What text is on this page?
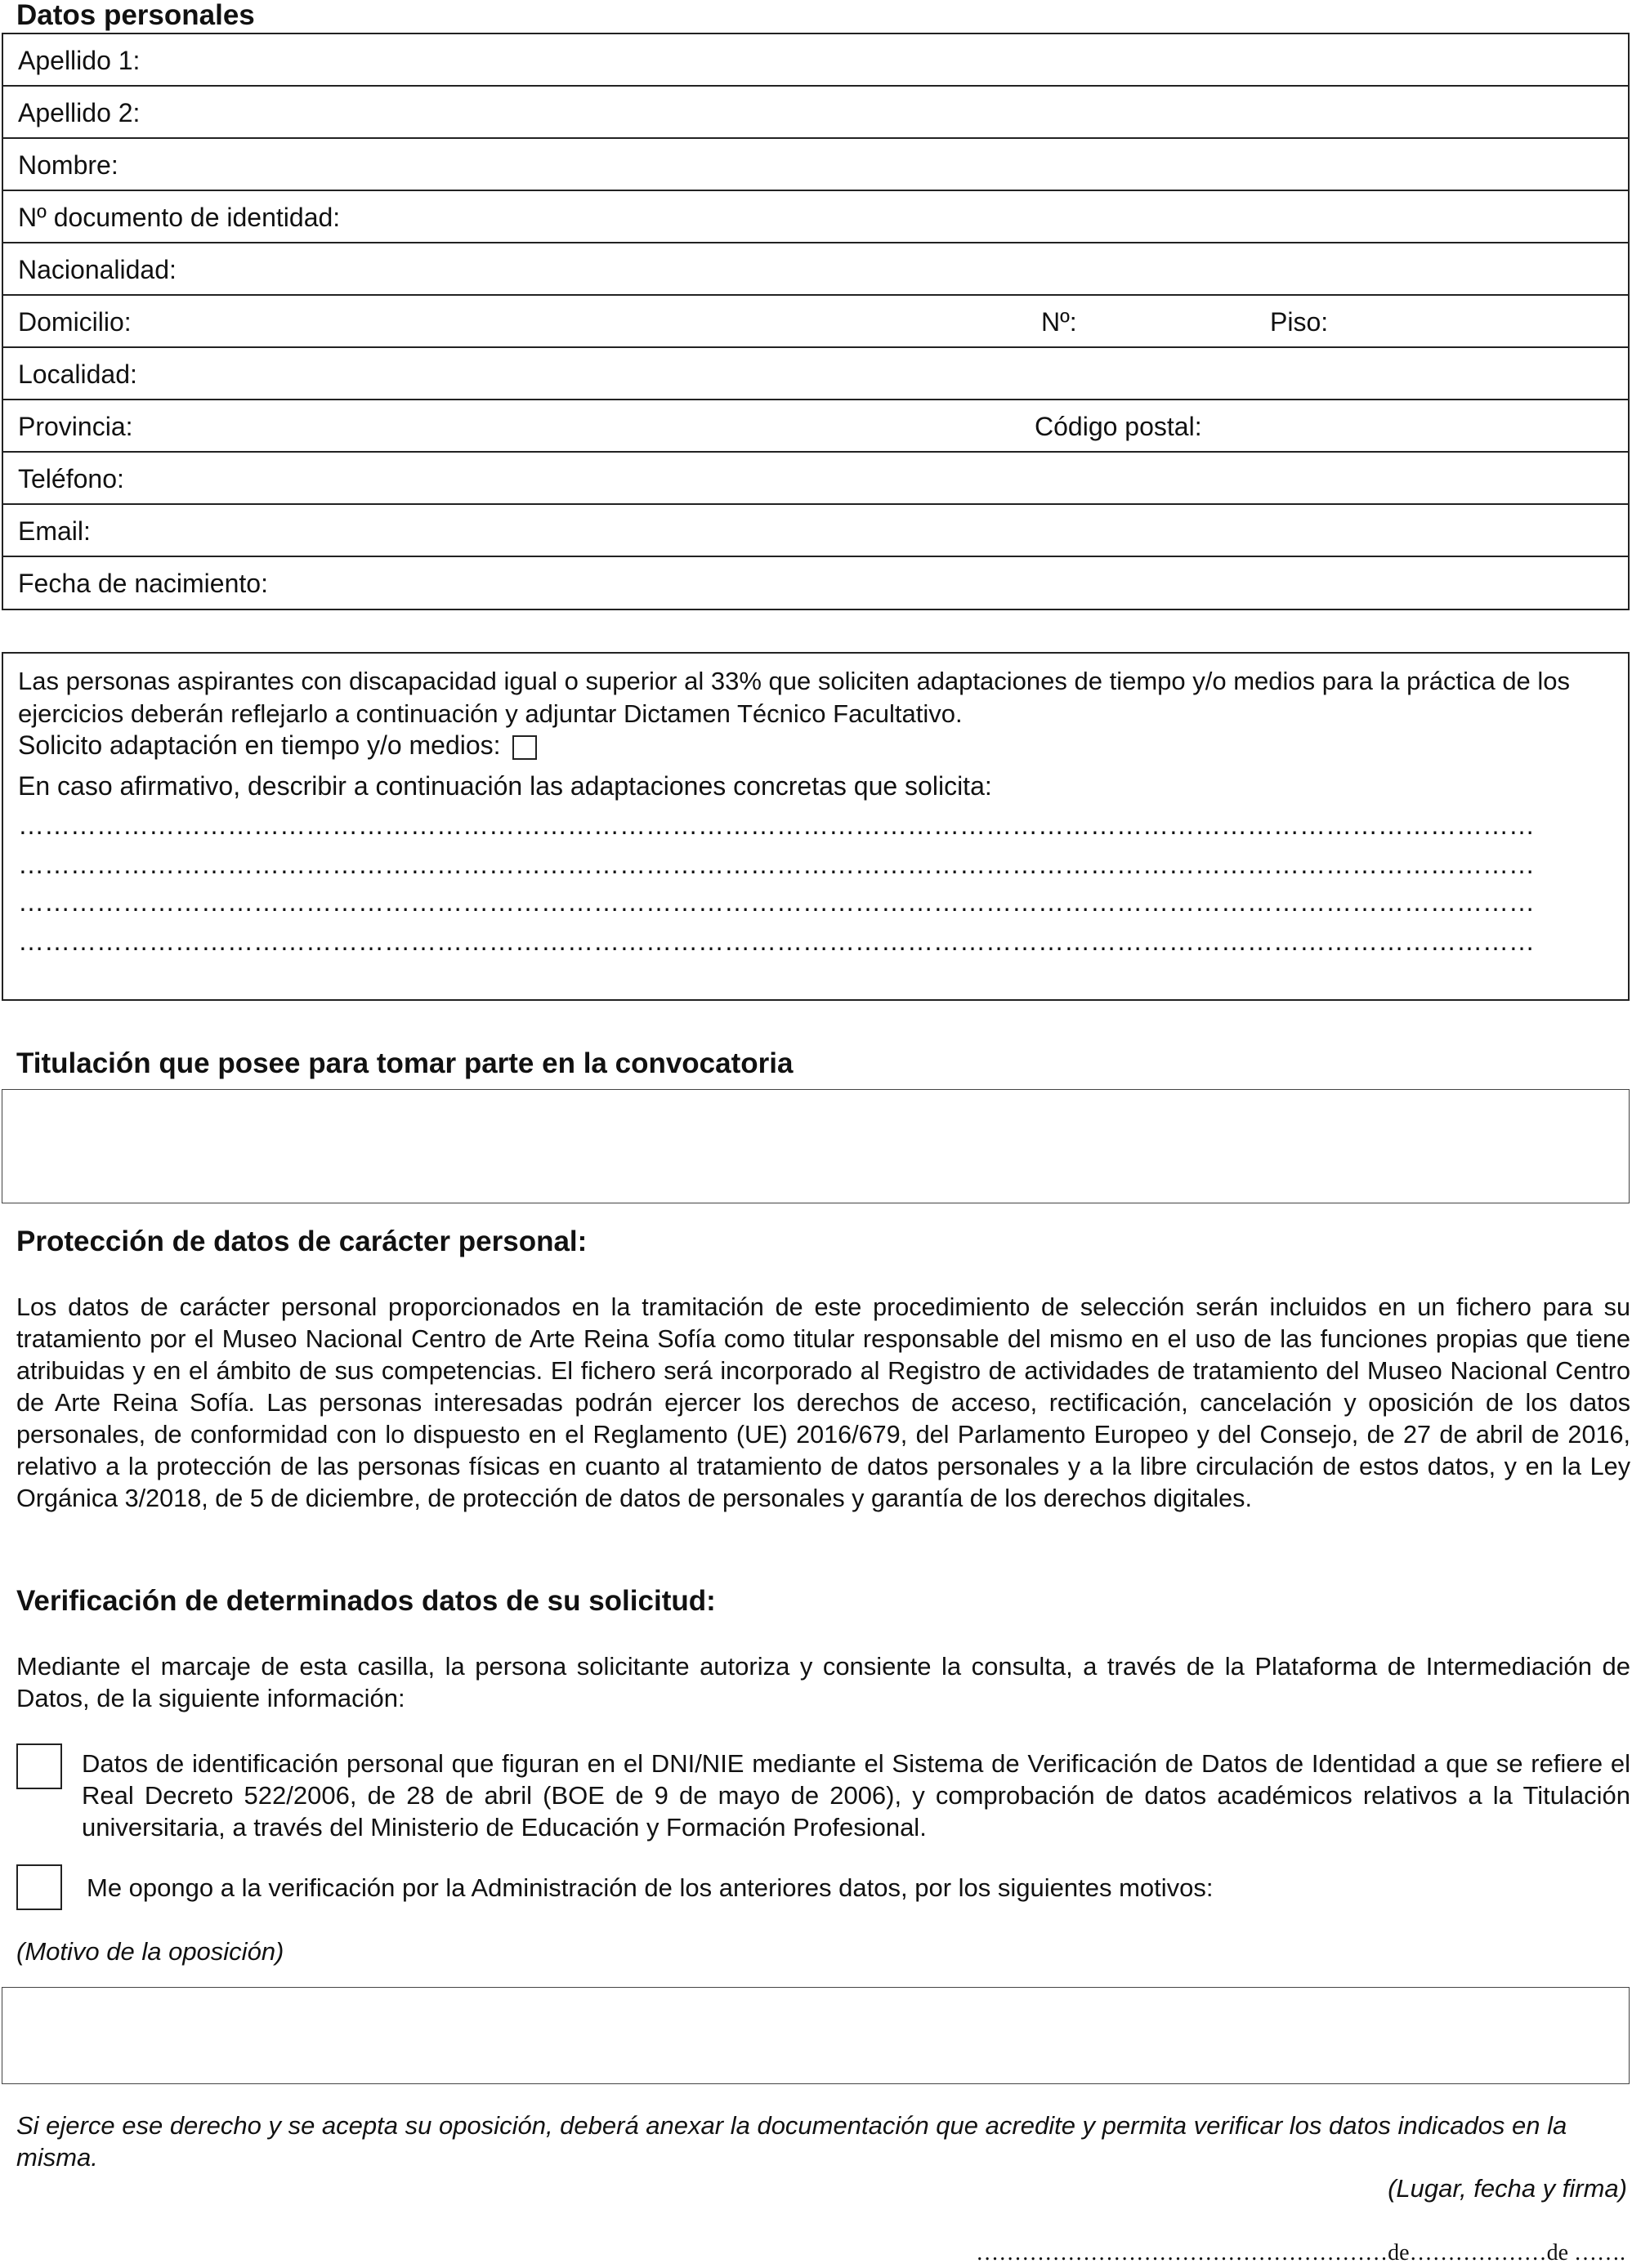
Datos personales
Apellido 1:
Apellido 2:
Nombre:
Nº documento de identidad:
Nacionalidad:
Domicilio:	Nº:	Piso:
Localidad:
Provincia:	Código postal:
Teléfono:
Email:
Fecha de nacimiento:
Las personas aspirantes con discapacidad igual o superior al 33% que soliciten adaptaciones de tiempo y/o medios para la práctica de los ejercicios deberán reflejarlo a continuación y adjuntar Dictamen Técnico Facultativo.
Solicito adaptación en tiempo y/o medios:
En caso afirmativo, describir a continuación las adaptaciones concretas que solicita:
…………………………………………………………………………………………………………………………………………………………
…………………………………………………………………………………………………………………………………………………………
…………………………………………………………………………………………………………………………………………………………
…………………………………………………………………………………………………………………………………………………………
Titulación que posee para tomar parte en la convocatoria
Protección de datos de carácter personal:
Los datos de carácter personal proporcionados en la tramitación de este procedimiento de selección serán incluidos en un fichero para su tratamiento por el Museo Nacional Centro de Arte Reina Sofía como titular responsable del mismo en el uso de las funciones propias que tiene atribuidas y en el ámbito de sus competencias. El fichero será incorporado al Registro de actividades de tratamiento del Museo Nacional Centro de Arte Reina Sofía. Las personas interesadas podrán ejercer los derechos de acceso, rectificación, cancelación y oposición de los datos personales, de conformidad con lo dispuesto en el Reglamento (UE) 2016/679, del Parlamento Europeo y del Consejo, de 27 de abril de 2016, relativo a la protección de las personas físicas en cuanto al tratamiento de datos personales y a la libre circulación de estos datos, y en la Ley Orgánica 3/2018, de 5 de diciembre, de protección de datos de personales y garantía de los derechos digitales.
Verificación de determinados datos de su solicitud:
Mediante el marcaje de esta casilla, la persona solicitante autoriza y consiente la consulta, a través de la Plataforma de Intermediación de Datos, de la siguiente información:
Datos de identificación personal que figuran en el DNI/NIE mediante el Sistema de Verificación de Datos de Identidad a que se refiere el Real Decreto 522/2006, de 28 de abril (BOE de 9 de mayo de 2006), y comprobación de datos académicos relativos a la Titulación universitaria, a través del Ministerio de Educación y Formación Profesional.
Me opongo a la verificación por la Administración de los anteriores datos, por los siguientes motivos:
(Motivo de la oposición)
Si ejerce ese derecho y se acepta su oposición, deberá anexar la documentación que acredite y permita verificar los datos indicados en la misma.
(Lugar, fecha y firma)
………………………………………………de………………de …….
